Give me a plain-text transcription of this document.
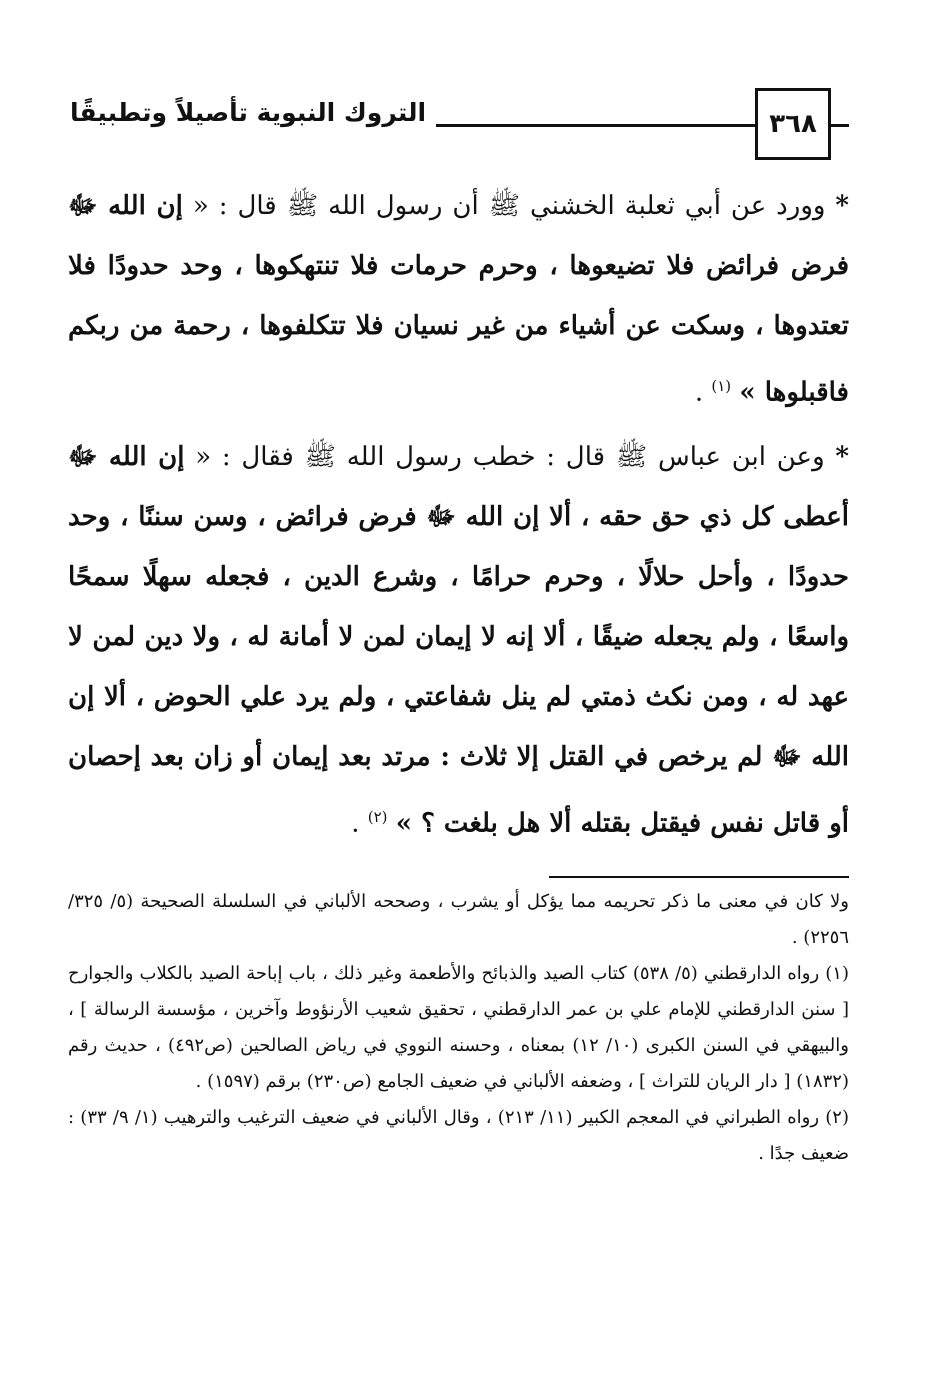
٣٦٨
التروك النبوية تأصيلاً وتطبيقًا

* وورد عن أبي ثعلبة الخشني ﷺ أن رسول الله ﷺ قال : « إن الله ﷻ فرض فرائض فلا تضيعوها ، وحرم حرمات فلا تنتهكوها ، وحد حدودًا فلا تعتدوها ، وسكت عن أشياء من غير نسيان فلا تتكلفوها ، رحمة من ربكم فاقبلوها » $^{(١)}$ .

* وعن ابن عباس ﷺ قال : خطب رسول الله ﷺ فقال : « إن الله ﷻ أعطى كل ذي حق حقه ، ألا إن الله ﷻ فرض فرائض ، وسن سننًا ، وحد حدودًا ، وأحل حلالًا ، وحرم حرامًا ، وشرع الدين ، فجعله سهلًا سمحًا واسعًا ، ولم يجعله ضيقًا ، ألا إنه لا إيمان لمن لا أمانة له ، ولا دين لمن لا عهد له ، ومن نكث ذمتي لم ينل شفاعتي ، ولم يرد علي الحوض ، ألا إن الله ﷻ لم يرخص في القتل إلا ثلاث : مرتد بعد إيمان أو زان بعد إحصان أو قاتل نفس فيقتل بقتله ألا هل بلغت ؟ » $^{(٢)}$ .

ولا كان في معنى ما ذكر تحريمه مما يؤكل أو يشرب ، وصححه الألباني في السلسلة الصحيحة (٥/ ٣٢٥/ ٢٢٥٦) .

(١) رواه الدارقطني (٥/ ٥٣٨) كتاب الصيد والذبائح والأطعمة وغير ذلك ، باب إباحة الصيد بالكلاب والجوارح [ سنن الدارقطني للإمام علي بن عمر الدارقطني ، تحقيق شعيب الأرنؤوط وآخرين ، مؤسسة الرسالة ] ، والبيهقي في السنن الكبرى (١٠/ ١٢) بمعناه ، وحسنه النووي في رياض الصالحين (ص٤٩٢) ، حديث رقم (١٨٣٢) [ دار الريان للتراث ] ، وضعفه الألباني في ضعيف الجامع (ص٢٣٠) برقم (١٥٩٧) .

(٢) رواه الطبراني في المعجم الكبير (١١/ ٢١٣) ، وقال الألباني في ضعيف الترغيب والترهيب (١/ ٩/ ٣٣) : ضعيف جدًا .
